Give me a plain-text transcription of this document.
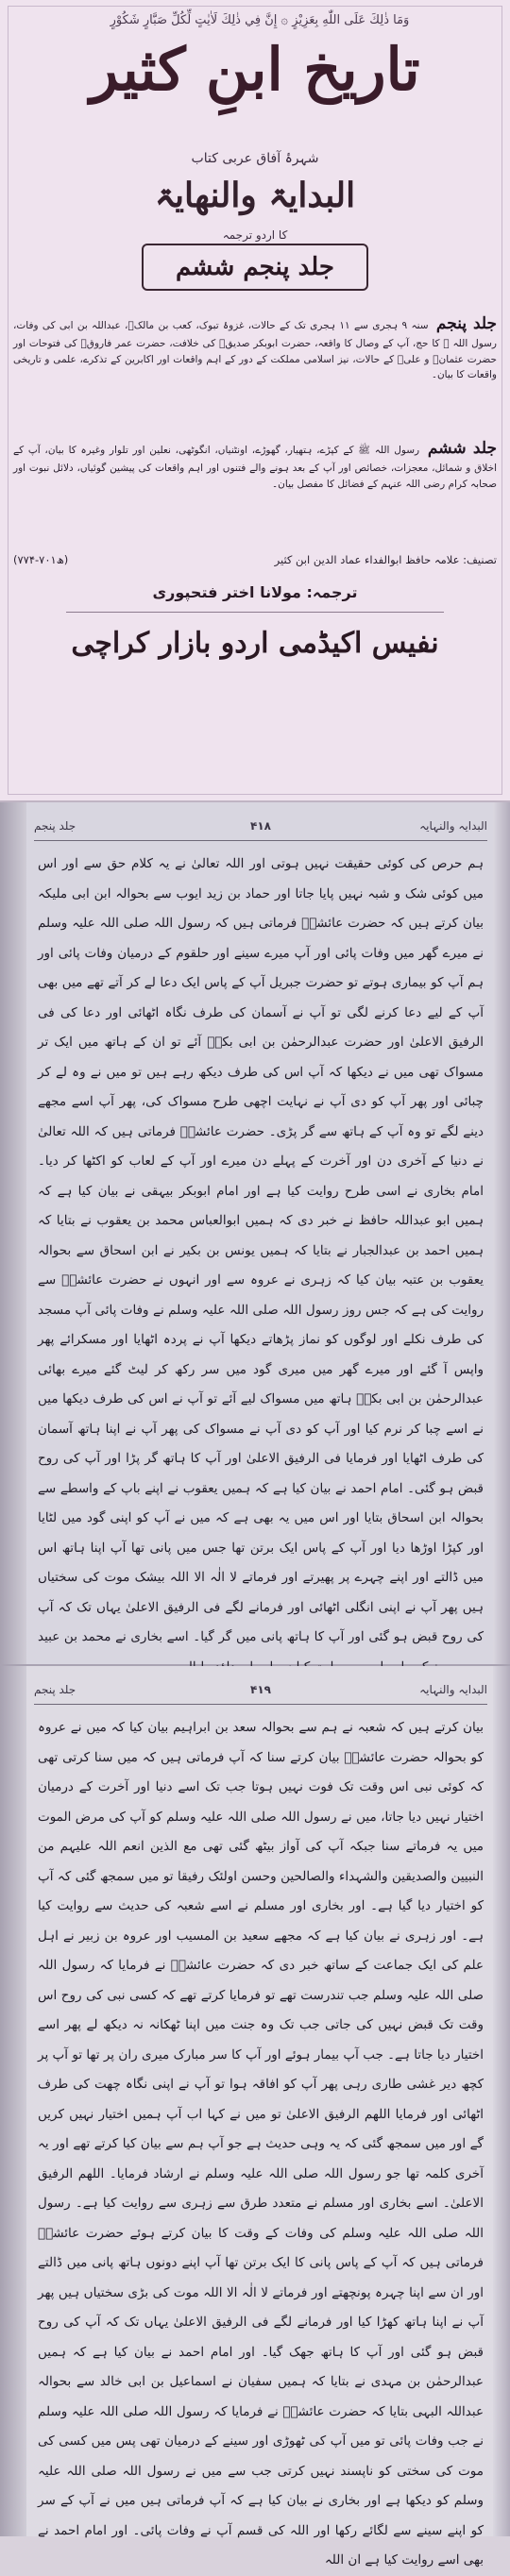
وَمَا ذٰلِكَ عَلَى اللّٰهِ بِعَزِيْزٍ ۞ إِنَّ فِي ذٰلِكَ لَاٰيٰتٍ لِّكُلِّ صَبَّارٍ شَكُوْرٍ
تاریخ ابنِ کثیر
شہرۂ آفاق عربی کتاب
البدایۃ والنھایۃ
کا اردو ترجمہ
جلد پنجم ششم
جلد پنجم سنہ ۹ ہجری سے ۱۱ ہجری تک کے حالات، غزوۂ تبوک، کعب بن مالکؓ، عبداللہ بن ابی کی وفات، رسول اللہ ﷺ کا حج، آپ کے وصال کا واقعہ، حضرت ابوبکر صدیقؓ کی خلافت، حضرت عمر فاروقؓ کی فتوحات اور حضرت عثمانؓ و علیؓ کے حالات، نیز اسلامی مملکت کے دور کے اہم واقعات اور اکابرین کے تذکرے، علمی و تاریخی واقعات کا بیان۔
جلد ششم رسول اللہ ﷺ کے کپڑے، ہتھیار، گھوڑے، اونٹنیاں، انگوٹھی، نعلین اور تلوار وغیرہ کا بیان، آپ کے اخلاق و شمائل، معجزات، خصائص اور آپ کے بعد ہونے والے فتنوں اور اہم واقعات کی پیشین گوئیاں، دلائل نبوت اور صحابہ کرام رضی اللہ عنہم کے فضائل کا مفصل بیان۔
تصنیف: علامہ حافظ ابوالفداء عماد الدین ابن کثیر
(۷۷۴-۷۰۱ھ)
ترجمہ: مولانا اختر فتحپوری
نفیس اکیڈمی اردو بازار کراچی
البدایہ والنہایہ
۴۱۸
جلد پنجم

ہم حرص کی کوئی حقیقت نہیں ہوتی اور اللہ تعالیٰ نے یہ کلام حق سے اور اس میں کوئی شک و شبہ نہیں پایا جاتا اور حماد بن زید ایوب سے بحوالہ ابن ابی ملیکہ بیان کرتے ہیں کہ حضرت عائشہؓ فرماتی ہیں کہ رسول اللہ صلی اللہ علیہ وسلم نے میرے گھر میں وفات پائی اور آپ میرے سینے اور حلقوم کے درمیان وفات پائی اور ہم آپ کو بیماری ہوتے تو حضرت جبریل آپ کے پاس ایک دعا لے کر آتے تھے میں بھی آپ کے لیے دعا کرنے لگی تو آپ نے آسمان کی طرف نگاہ اٹھائی اور دعا کی فی الرفیق الاعلیٰ اور حضرت عبدالرحمٰن بن ابی بکرؓ آئے تو ان کے ہاتھ میں ایک تر مسواک تھی میں نے دیکھا کہ آپ اس کی طرف دیکھ رہے ہیں تو میں نے وہ لے کر چبائی اور پھر آپ کو دی آپ نے نہایت اچھی طرح مسواک کی، پھر آپ اسے مجھے دینے لگے تو وہ آپ کے ہاتھ سے گر پڑی۔ حضرت عائشہؓ فرماتی ہیں کہ اللہ تعالیٰ نے دنیا کے آخری دن اور آخرت کے پہلے دن میرے اور آپ کے لعاب کو اکٹھا کر دیا۔ امام بخاری نے اسی طرح روایت کیا ہے اور امام ابوبکر بیہقی نے بیان کیا ہے کہ ہمیں ابو عبداللہ حافظ نے خبر دی کہ ہمیں ابوالعباس محمد بن یعقوب نے بتایا کہ ہمیں احمد بن عبدالجبار نے بتایا کہ ہمیں یونس بن بکیر نے ابن اسحاق سے بحوالہ یعقوب بن عتبہ بیان کیا کہ زہری نے عروہ سے اور انہوں نے حضرت عائشہؓ سے روایت کی ہے کہ جس روز رسول اللہ صلی اللہ علیہ وسلم نے وفات پائی آپ مسجد کی طرف نکلے اور لوگوں کو نماز پڑھاتے دیکھا آپ نے پردہ اٹھایا اور مسکرائے پھر واپس آ گئے اور میرے گھر میں میری گود میں سر رکھ کر لیٹ گئے میرے بھائی عبدالرحمٰن بن ابی بکرؓ ہاتھ میں مسواک لیے آئے تو آپ نے اس کی طرف دیکھا میں نے اسے چبا کر نرم کیا اور آپ کو دی آپ نے مسواک کی پھر آپ نے اپنا ہاتھ آسمان کی طرف اٹھایا اور فرمایا فی الرفیق الاعلیٰ اور آپ کا ہاتھ گر پڑا اور آپ کی روح قبض ہو گئی۔ امام احمد نے بیان کیا ہے کہ ہمیں یعقوب نے اپنے باپ کے واسطے سے بحوالہ ابن اسحاق بتایا اور اس میں یہ بھی ہے کہ میں نے آپ کو اپنی گود میں لٹایا اور کپڑا اوڑھا دیا اور آپ کے پاس ایک برتن تھا جس میں پانی تھا آپ اپنا ہاتھ اس میں ڈالتے اور اپنے چہرے پر پھیرتے اور فرماتے لا الٰہ الا اللہ بیشک موت کی سختیاں ہیں پھر آپ نے اپنی انگلی اٹھائی اور فرمانے لگے فی الرفیق الاعلیٰ یہاں تک کہ آپ کی روح قبض ہو گئی اور آپ کا ہاتھ پانی میں گر گیا۔ اسے بخاری نے محمد بن عبید

البدایہ والنہایہ
۴۱۹
جلد پنجم

بیان کرتے ہیں کہ شعبہ نے ہم سے بحوالہ سعد بن ابراہیم بیان کیا کہ میں نے عروہ کو بحوالہ حضرت عائشہؓ بیان کرتے سنا کہ آپ فرماتی ہیں کہ میں سنا کرتی تھی کہ کوئی نبی اس وقت تک فوت نہیں ہوتا جب تک اسے دنیا اور آخرت کے درمیان اختیار نہیں دیا جاتا، میں نے رسول اللہ صلی اللہ علیہ وسلم کو آپ کی مرض الموت میں یہ فرماتے سنا جبکہ آپ کی آواز بیٹھ گئی تھی مع الذین انعم اللہ علیہم من النبیین والصدیقین والشہداء والصالحین وحسن اولئک رفیقا تو میں سمجھ گئی کہ آپ کو اختیار دیا گیا ہے۔ اور بخاری اور مسلم نے اسے شعبہ کی حدیث سے روایت کیا ہے۔ اور زہری نے بیان کیا ہے کہ مجھے سعید بن المسیب اور عروہ بن زبیر نے اہل علم کی ایک جماعت کے ساتھ خبر دی کہ حضرت عائشہؓ نے فرمایا کہ رسول اللہ صلی اللہ علیہ وسلم جب تندرست تھے تو فرمایا کرتے تھے کہ کسی نبی کی روح اس وقت تک قبض نہیں کی جاتی جب تک وہ جنت میں اپنا ٹھکانہ نہ دیکھ لے پھر اسے اختیار دیا جاتا ہے۔ جب آپ بیمار ہوئے اور آپ کا سر مبارک میری ران پر تھا تو آپ پر کچھ دیر غشی طاری رہی پھر آپ کو افاقہ ہوا تو آپ نے اپنی نگاہ چھت کی طرف اٹھائی اور فرمایا اللھم الرفیق الاعلیٰ تو میں نے کہا اب آپ ہمیں اختیار نہیں کریں گے اور میں سمجھ گئی کہ یہ وہی حدیث ہے جو آپ ہم سے بیان کیا کرتے تھے اور یہ آخری کلمہ تھا جو رسول اللہ صلی اللہ علیہ وسلم نے ارشاد فرمایا۔ اللھم الرفیق الاعلیٰ۔ اسے بخاری اور مسلم نے متعدد طرق سے زہری سے روایت کیا ہے۔ رسول اللہ صلی اللہ علیہ وسلم کی وفات کے وقت کا بیان کرتے ہوئے حضرت عائشہؓ فرماتی ہیں کہ آپ کے پاس پانی کا ایک برتن تھا آپ اپنے دونوں ہاتھ پانی میں ڈالتے اور ان سے اپنا چہرہ پونچھتے اور فرماتے لا الٰہ الا اللہ موت کی بڑی سختیاں ہیں پھر آپ نے اپنا ہاتھ کھڑا کیا اور فرمانے لگے فی الرفیق الاعلیٰ یہاں تک کہ آپ کی روح قبض ہو گئی اور آپ کا ہاتھ جھک گیا۔ اور امام احمد نے بیان کیا ہے کہ ہمیں عبدالرحمٰن بن مہدی نے بتایا کہ ہمیں سفیان نے اسماعیل بن ابی خالد سے بحوالہ عبداللہ البہی بتایا کہ حضرت عائشہؓ نے فرمایا کہ رسول اللہ صلی اللہ علیہ وسلم نے جب وفات پائی تو میں آپ کی ٹھوڑی اور سینے کے درمیان تھی پس میں کسی کی موت کی سختی کو ناپسند نہیں کرتی جب سے میں نے رسول اللہ صلی اللہ علیہ وسلم کو دیکھا ہے اور بخاری نے بیان کیا ہے کہ آپ فرماتی ہیں میں نے آپ کے سر کو اپنے سینے سے لگائے رکھا اور اللہ کی قسم آپ نے وفات پائی۔ اور امام احمد نے بھی اسے روایت کیا ہے ان اللہ
